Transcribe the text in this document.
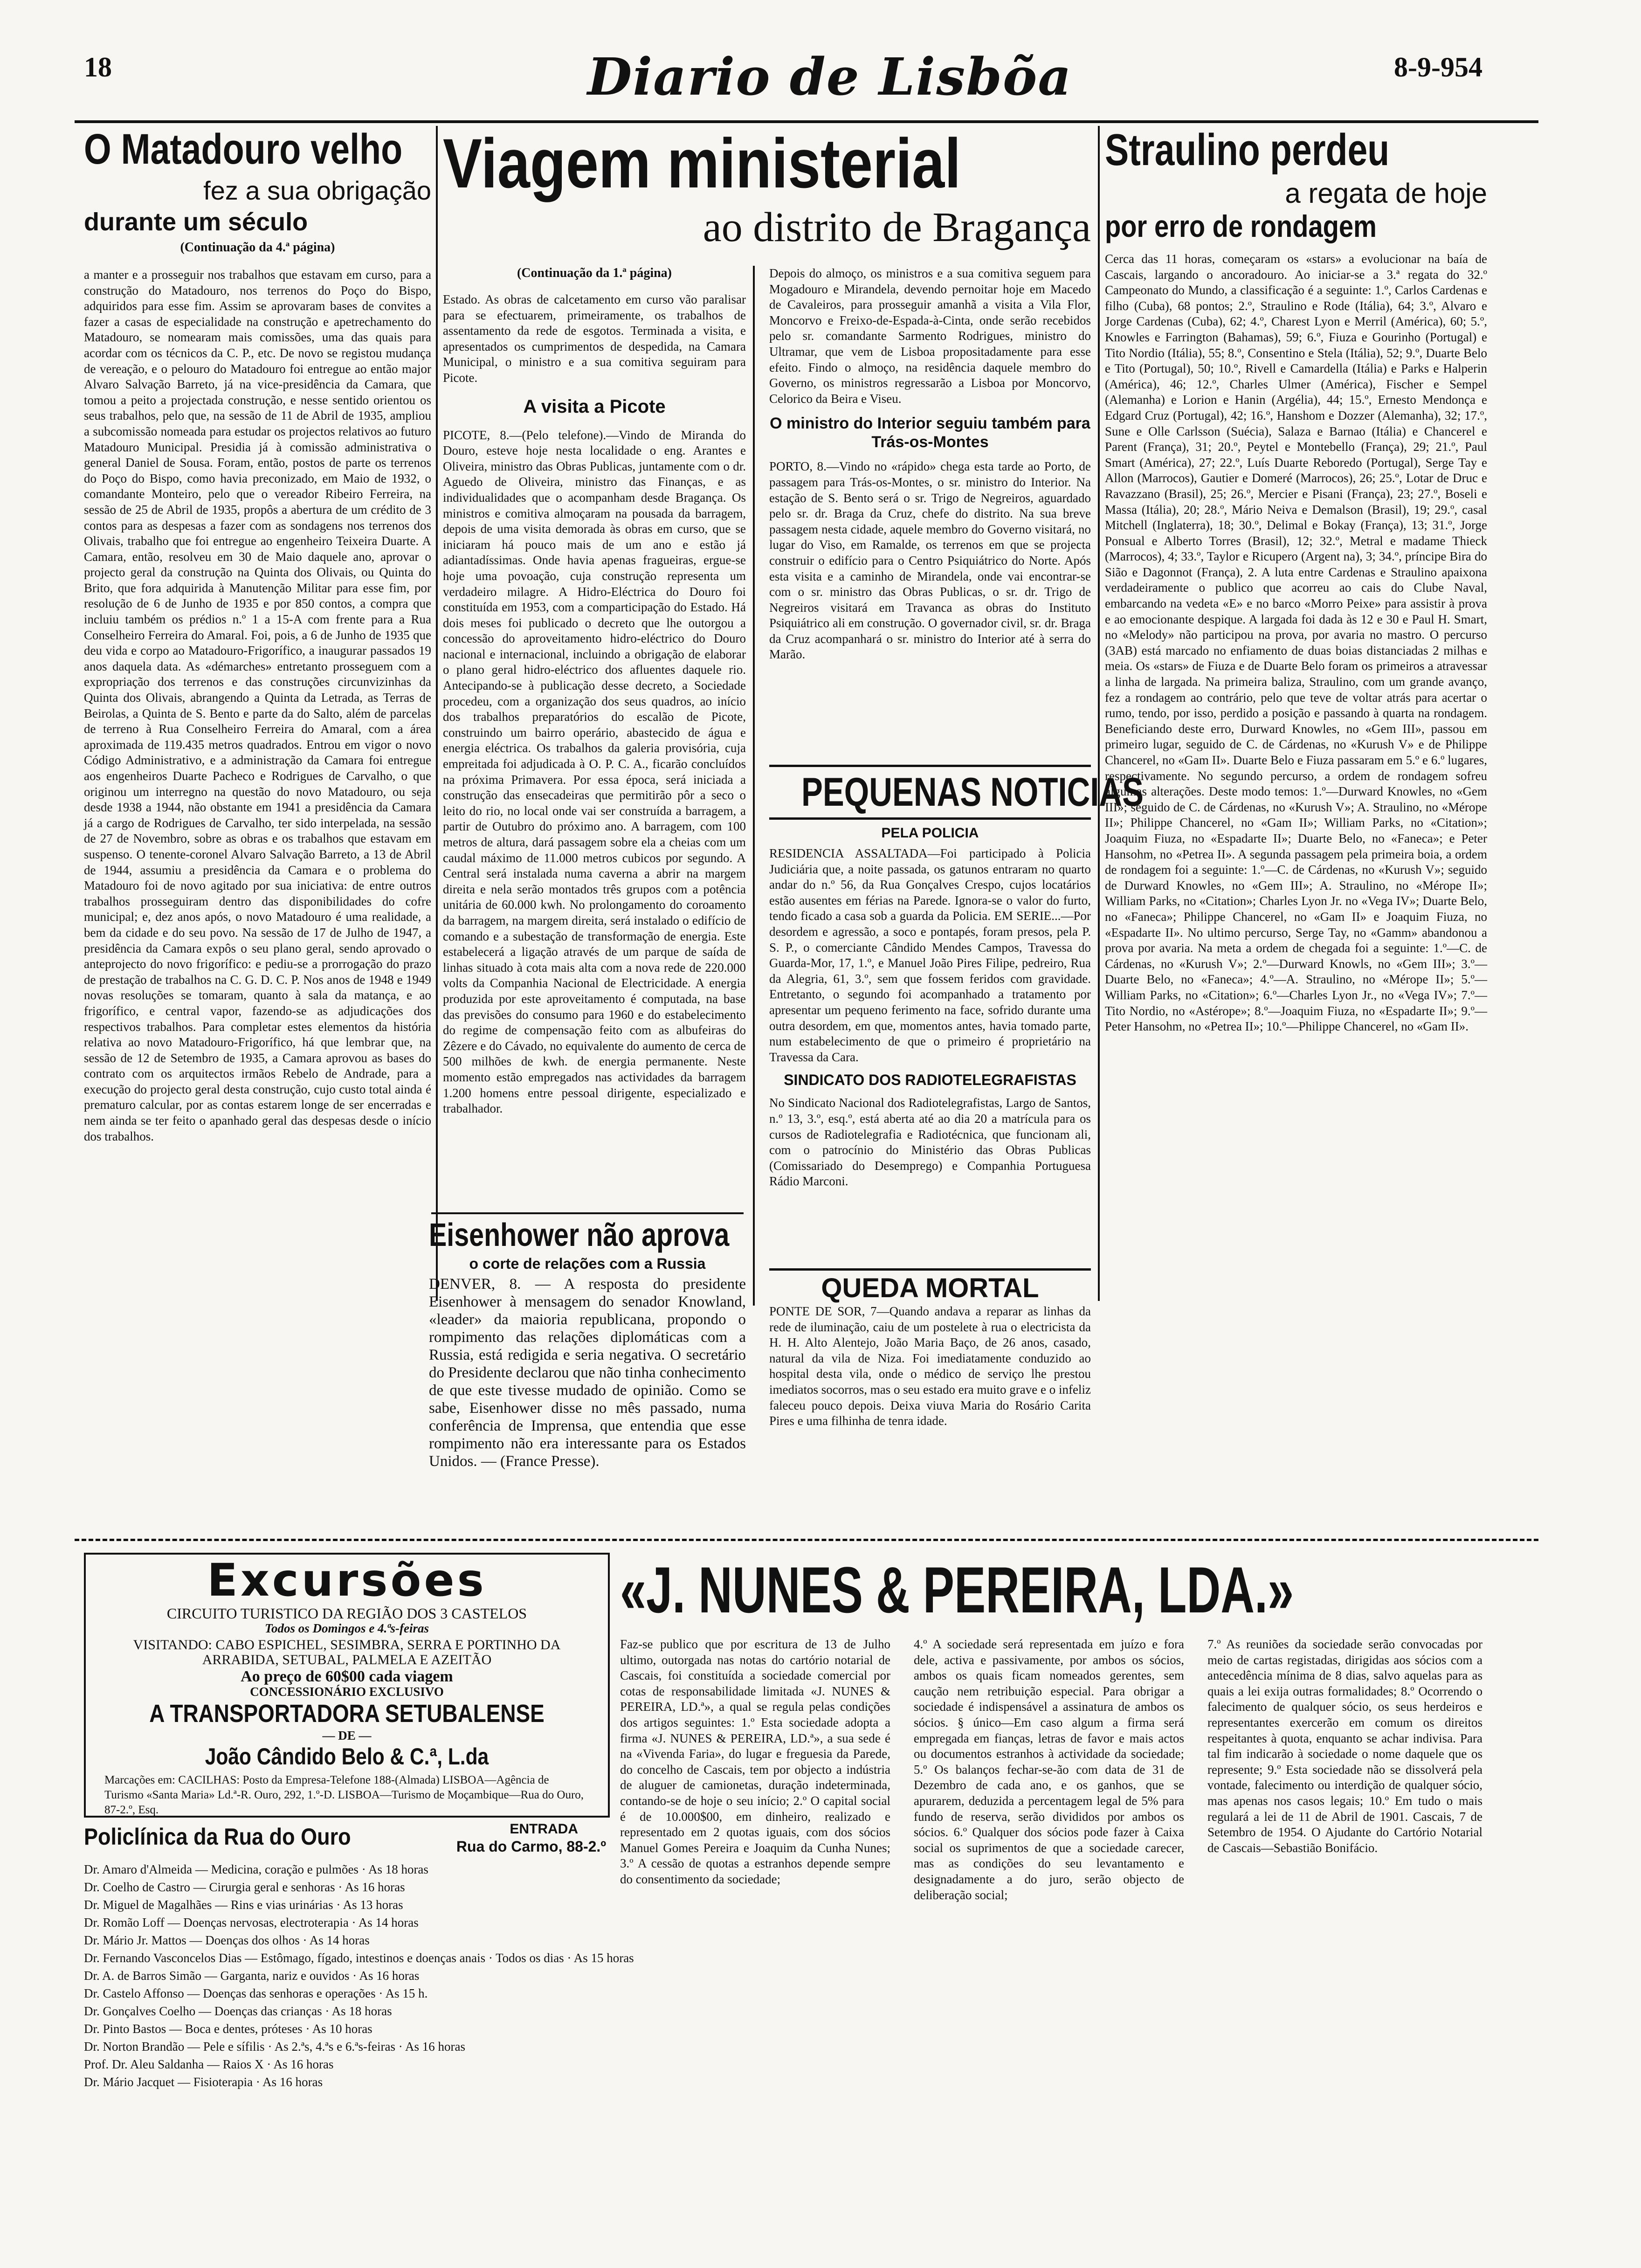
18	Diario de Lisbõa	8-9-954
O Matadouro velho
fez a sua obrigação
durante um século
(Continuação da 4.ª página)
a manter e a prosseguir nos trabalhos que estavam em curso, para a construção do Matadouro, nos terrenos do Poço do Bispo, adquiridos para esse fim. Assim se aprovaram bases de convites a fazer a casas de especialidade na construção e apetrechamento do Matadouro, se nomearam mais comissões, uma das quais para acordar com os técnicos da C. P., etc. De novo se registou mudança de vereação, e o pelouro do Matadouro foi entregue ao então major Alvaro Salvação Barreto, já na vice-presidência da Camara, que tomou a peito a projectada construção, e nesse sentido orientou os seus trabalhos, pelo que, na sessão de 11 de Abril de 1935, ampliou a subcomissão nomeada para estudar os projectos relativos ao futuro Matadouro Municipal. Presidia já à comissão administrativa o general Daniel de Sousa. Foram, então, postos de parte os terrenos do Poço do Bispo, como havia preconizado, em Maio de 1932, o comandante Monteiro, pelo que o vereador Ribeiro Ferreira, na sessão de 25 de Abril de 1935, propôs a abertura de um crédito de 3 contos para as despesas a fazer com as sondagens nos terrenos dos Olivais, trabalho que foi entregue ao engenheiro Teixeira Duarte. A Camara, então, resolveu em 30 de Maio daquele ano, aprovar o projecto geral da construção na Quinta dos Olivais, ou Quinta do Brito, que fora adquirida à Manutenção Militar para esse fim, por resolução de 6 de Junho de 1935 e por 850 contos, a compra que incluiu também os prédios n.º 1 a 15-A com frente para a Rua Conselheiro Ferreira do Amaral. Foi, pois, a 6 de Junho de 1935 que deu vida e corpo ao Matadouro-Frigorífico, a inaugurar passados 19 anos daquela data. As «démarches» entretanto prosseguem com a expropriação dos terrenos e das construções circunvizinhas da Quinta dos Olivais, abrangendo a Quinta da Letrada, as Terras de Beirolas, a Quinta de S. Bento e parte da do Salto, além de parcelas de terreno à Rua Conselheiro Ferreira do Amaral, com a área aproximada de 119.435 metros quadrados. Entrou em vigor o novo Código Administrativo, e a administração da Camara foi entregue aos engenheiros Duarte Pacheco e Rodrigues de Carvalho, o que originou um interregno na questão do novo Matadouro, ou seja desde 1938 a 1944, não obstante em 1941 a presidência da Camara já a cargo de Rodrigues de Carvalho, ter sido interpelada, na sessão de 27 de Novembro, sobre as obras e os trabalhos que estavam em suspenso. O tenente-coronel Alvaro Salvação Barreto, a 13 de Abril de 1944, assumiu a presidência da Camara e o problema do Matadouro foi de novo agitado por sua iniciativa: de entre outros trabalhos prosseguiram dentro das disponibilidades do cofre municipal; e, dez anos após, o novo Matadouro é uma realidade, a bem da cidade e do seu povo. Na sessão de 17 de Julho de 1947, a presidência da Camara expôs o seu plano geral, sendo aprovado o anteprojecto do novo frigorífico: e pediu-se a prorrogação do prazo de prestação de trabalhos na C. G. D. C. P. Nos anos de 1948 e 1949 novas resoluções se tomaram, quanto à sala da matança, e ao frigorífico, e central vapor, fazendo-se as adjudicações dos respectivos trabalhos. Para completar estes elementos da história relativa ao novo Matadouro-Frigorífico, há que lembrar que, na sessão de 12 de Setembro de 1935, a Camara aprovou as bases do contrato com os arquitectos irmãos Rebelo de Andrade, para a execução do projecto geral desta construção, cujo custo total ainda é prematuro calcular, por as contas estarem longe de ser encerradas e nem ainda se ter feito o apanhado geral das despesas desde o início dos trabalhos.
Viagem ministerial
ao distrito de Bragança
(Continuação da 1.ª página)
Estado. As obras de calcetamento em curso vão paralisar para se efectuarem, primeiramente, os trabalhos de assentamento da rede de esgotos. Terminada a visita, e apresentados os cumprimentos de despedida, na Camara Municipal, o ministro e a sua comitiva seguiram para Picote.
A visita a Picote
PICOTE, 8.—(Pelo telefone).—Vindo de Miranda do Douro, esteve hoje nesta localidade o eng. Arantes e Oliveira, ministro das Obras Publicas, juntamente com o dr. Aguedo de Oliveira, ministro das Finanças, e as individualidades que o acompanham desde Bragança. Os ministros e comitiva almoçaram na pousada da barragem, depois de uma visita demorada às obras em curso, que se iniciaram há pouco mais de um ano e estão já adiantadíssimas. Onde havia apenas fragueiras, ergue-se hoje uma povoação, cuja construção representa um verdadeiro milagre. A Hidro-Eléctrica do Douro foi constituída em 1953, com a comparticipação do Estado. Há dois meses foi publicado o decreto que lhe outorgou a concessão do aproveitamento hidro-eléctrico do Douro nacional e internacional, incluindo a obrigação de elaborar o plano geral hidro-eléctrico dos afluentes daquele rio. Antecipando-se à publicação desse decreto, a Sociedade procedeu, com a organização dos seus quadros, ao início dos trabalhos preparatórios do escalão de Picote, construindo um bairro operário, abastecido de água e energia eléctrica. Os trabalhos da galeria provisória, cuja empreitada foi adjudicada à O. P. C. A., ficarão concluídos na próxima Primavera. Por essa época, será iniciada a construção das ensecadeiras que permitirão pôr a seco o leito do rio, no local onde vai ser construída a barragem, a partir de Outubro do próximo ano. A barragem, com 100 metros de altura, dará passagem sobre ela a cheias com um caudal máximo de 11.000 metros cubicos por segundo. A Central será instalada numa caverna a abrir na margem direita e nela serão montados três grupos com a potência unitária de 60.000 kwh. No prolongamento do coroamento da barragem, na margem direita, será instalado o edifício de comando e a subestação de transformação de energia. Este estabelecerá a ligação através de um parque de saída de linhas situado à cota mais alta com a nova rede de 220.000 volts da Companhia Nacional de Electricidade. A energia produzida por este aproveitamento é computada, na base das previsões do consumo para 1960 e do estabelecimento do regime de compensação feito com as albufeiras do Zêzere e do Cávado, no equivalente do aumento de cerca de 500 milhões de kwh. de energia permanente. Neste momento estão empregados nas actividades da barragem 1.200 homens entre pessoal dirigente, especializado e trabalhador.
Depois do almoço, os ministros e a sua comitiva seguem para Mogadouro e Mirandela, devendo pernoitar hoje em Macedo de Cavaleiros, para prosseguir amanhã a visita a Vila Flor, Moncorvo e Freixo-de-Espada-à-Cinta, onde serão recebidos pelo sr. comandante Sarmento Rodrigues, ministro do Ultramar, que vem de Lisboa propositadamente para esse efeito. Findo o almoço, na residência daquele membro do Governo, os ministros regressarão a Lisboa por Moncorvo, Celorico da Beira e Viseu.
O ministro do Interior seguiu também para Trás-os-Montes
PORTO, 8.—Vindo no «rápido» chega esta tarde ao Porto, de passagem para Trás-os-Montes, o sr. ministro do Interior. Na estação de S. Bento será o sr. Trigo de Negreiros, aguardado pelo sr. dr. Braga da Cruz, chefe do distrito. Na sua breve passagem nesta cidade, aquele membro do Governo visitará, no lugar do Viso, em Ramalde, os terrenos em que se projecta construir o edifício para o Centro Psiquiátrico do Norte. Após esta visita e a caminho de Mirandela, onde vai encontrar-se com o sr. ministro das Obras Publicas, o sr. dr. Trigo de Negreiros visitará em Travanca as obras do Instituto Psiquiátrico ali em construção. O governador civil, sr. dr. Braga da Cruz acompanhará o sr. ministro do Interior até à serra do Marão.
Eisenhower não aprova
o corte de relações com a Russia
DENVER, 8. — A resposta do presidente Eisenhower à mensagem do senador Knowland, «leader» da maioria republicana, propondo o rompimento das relações diplomáticas com a Russia, está redigida e seria negativa. O secretário do Presidente declarou que não tinha conhecimento de que este tivesse mudado de opinião. Como se sabe, Eisenhower disse no mês passado, numa conferência de Imprensa, que entendia que esse rompimento não era interessante para os Estados Unidos. — (France Presse).
PEQUENAS NOTICIAS
PELA POLICIA
RESIDENCIA ASSALTADA—Foi participado à Policia Judiciária que, a noite passada, os gatunos entraram no quarto andar do n.º 56, da Rua Gonçalves Crespo, cujos locatários estão ausentes em férias na Parede. Ignora-se o valor do furto, tendo ficado a casa sob a guarda da Policia. EM SERIE...—Por desordem e agressão, a soco e pontapés, foram presos, pela P. S. P., o comerciante Cândido Mendes Campos, Travessa do Guarda-Mor, 17, 1.º, e Manuel João Pires Filipe, pedreiro, Rua da Alegria, 61, 3.º, sem que fossem feridos com gravidade. Entretanto, o segundo foi acompanhado a tratamento por apresentar um pequeno ferimento na face, sofrido durante uma outra desordem, em que, momentos antes, havia tomado parte, num estabelecimento de que o primeiro é proprietário na Travessa da Cara.
SINDICATO DOS RADIOTELEGRAFISTAS
No Sindicato Nacional dos Radiotelegrafistas, Largo de Santos, n.º 13, 3.º, esq.º, está aberta até ao dia 20 a matrícula para os cursos de Radiotelegrafia e Radiotécnica, que funcionam ali, com o patrocínio do Ministério das Obras Publicas (Comissariado do Desemprego) e Companhia Portuguesa Rádio Marconi.
QUEDA MORTAL
PONTE DE SOR, 7—Quando andava a reparar as linhas da rede de iluminação, caiu de um postelete à rua o electricista da H. H. Alto Alentejo, João Maria Baço, de 26 anos, casado, natural da vila de Niza. Foi imediatamente conduzido ao hospital desta vila, onde o médico de serviço lhe prestou imediatos socorros, mas o seu estado era muito grave e o infeliz faleceu pouco depois. Deixa viuva Maria do Rosário Carita Pires e uma filhinha de tenra idade.
Straulino perdeu
a regata de hoje
por erro de rondagem
Cerca das 11 horas, começaram os «stars» a evolucionar na baía de Cascais, largando o ancoradouro. Ao iniciar-se a 3.ª regata do 32.º Campeonato do Mundo, a classificação é a seguinte: 1.º, Carlos Cardenas e filho (Cuba), 68 pontos; 2.º, Straulino e Rode (Itália), 64; 3.º, Alvaro e Jorge Cardenas (Cuba), 62; 4.º, Charest Lyon e Merril (América), 60; 5.º, Knowles e Farrington (Bahamas), 59; 6.º, Fiuza e Gourinho (Portugal) e Tito Nordio (Itália), 55; 8.º, Consentino e Stela (Itália), 52; 9.º, Duarte Belo e Tito (Portugal), 50; 10.º, Rivell e Camardella (Itália) e Parks e Halperin (América), 46; 12.º, Charles Ulmer (América), Fischer e Sempel (Alemanha) e Lorion e Hanin (Argélia), 44; 15.º, Ernesto Mendonça e Edgard Cruz (Portugal), 42; 16.º, Hanshom e Dozzer (Alemanha), 32; 17.º, Sune e Olle Carlsson (Suécia), Salaza e Barnao (Itália) e Chancerel e Parent (França), 31; 20.º, Peytel e Montebello (França), 29; 21.º, Paul Smart (América), 27; 22.º, Luís Duarte Reboredo (Portugal), Serge Tay e Allon (Marrocos), Gautier e Domeré (Marrocos), 26; 25.º, Lotar de Druc e Ravazzano (Brasil), 25; 26.º, Mercier e Pisani (França), 23; 27.º, Boseli e Massa (Itália), 20; 28.º, Mário Neiva e Demalson (Brasil), 19; 29.º, casal Mitchell (Inglaterra), 18; 30.º, Delimal e Bokay (França), 13; 31.º, Jorge Ponsual e Alberto Torres (Brasil), 12; 32.º, Metral e madame Thieck (Marrocos), 4; 33.º, Taylor e Ricupero (Argent na), 3; 34.º, príncipe Bira do Sião e Dagonnot (França), 2. A luta entre Cardenas e Straulino apaixona verdadeiramente o publico que acorreu ao cais do Clube Naval, embarcando na vedeta «E» e no barco «Morro Peixe» para assistir à prova e ao emocionante despique. A largada foi dada às 12 e 30 e Paul H. Smart, no «Melody» não participou na prova, por avaria no mastro. O percurso (3AB) está marcado no enfiamento de duas boias distanciadas 2 milhas e meia. Os «stars» de Fiuza e de Duarte Belo foram os primeiros a atravessar a linha de largada. Na primeira baliza, Straulino, com um grande avanço, fez a rondagem ao contrário, pelo que teve de voltar atrás para acertar o rumo, tendo, por isso, perdido a posição e passando à quarta na rondagem. Beneficiando deste erro, Durward Knowles, no «Gem III», passou em primeiro lugar, seguido de C. de Cárdenas, no «Kurush V» e de Philippe Chancerel, no «Gam II». Duarte Belo e Fiuza passaram em 5.º e 6.º lugares, respectivamente. No segundo percurso, a ordem de rondagem sofreu algumas alterações. Deste modo temos: 1.º—Durward Knowles, no «Gem III»; seguido de C. de Cárdenas, no «Kurush V»; A. Straulino, no «Mérope II»; Philippe Chancerel, no «Gam II»; William Parks, no «Citation»; Joaquim Fiuza, no «Espadarte II»; Duarte Belo, no «Faneca»; e Peter Hansohm, no «Petrea II». A segunda passagem pela primeira boia, a ordem de rondagem foi a seguinte: 1.º—C. de Cárdenas, no «Kurush V»; seguido de Durward Knowles, no «Gem III»; A. Straulino, no «Mérope II»; William Parks, no «Citation»; Charles Lyon Jr. no «Vega IV»; Duarte Belo, no «Faneca»; Philippe Chancerel, no «Gam II» e Joaquim Fiuza, no «Espadarte II». No ultimo percurso, Serge Tay, no «Gamm» abandonou a prova por avaria. Na meta a ordem de chegada foi a seguinte: 1.º—C. de Cárdenas, no «Kurush V»; 2.º—Durward Knowls, no «Gem III»; 3.º—Duarte Belo, no «Faneca»; 4.º—A. Straulino, no «Mérope II»; 5.º—William Parks, no «Citation»; 6.º—Charles Lyon Jr., no «Vega IV»; 7.º—Tito Nordio, no «Astérope»; 8.º—Joaquim Fiuza, no «Espadarte II»; 9.º—Peter Hansohm, no «Petrea II»; 10.º—Philippe Chancerel, no «Gam II».
Excursões
CIRCUITO TURISTICO DA REGIÃO DOS 3 CASTELOS
Todos os Domingos e 4.ªs-feiras
VISITANDO: CABO ESPICHEL, SESIMBRA, SERRA E PORTINHO DA ARRABIDA, SETUBAL, PALMELA E AZEITÃO
Ao preço de 60$00 cada viagem
CONCESSIONÁRIO EXCLUSIVO
A TRANSPORTADORA SETUBALENSE
— DE —
João Cândido Belo & C.ª, L.da
Marcações em: CACILHAS: Posto da Empresa-Telefone 188-(Almada) LISBOA—Agência de Turismo «Santa Maria» Ld.ª-R. Ouro, 292, 1.º-D. LISBOA—Turismo de Moçambique—Rua do Ouro, 87-2.º, Esq.
Policlínica da Rua do Ouro	ENTRADA
Rua do Carmo, 88-2.º
Dr. Amaro d'Almeida — Medicina, coração e pulmões · As 18 horas
Dr. Coelho de Castro — Cirurgia geral e senhoras · As 16 horas
Dr. Miguel de Magalhães — Rins e vias urinárias · As 13 horas
Dr. Romão Loff — Doenças nervosas, electroterapia · As 14 horas
Dr. Mário Jr. Mattos — Doenças dos olhos · As 14 horas
Dr. Fernando Vasconcelos Dias — Estômago, fígado, intestinos e doenças anais · Todos os dias · As 15 horas
Dr. A. de Barros Simão — Garganta, nariz e ouvidos · As 16 horas
Dr. Castelo Affonso — Doenças das senhoras e operações · As 15 h.
Dr. Gonçalves Coelho — Doenças das crianças · As 18 horas
Dr. Pinto Bastos — Boca e dentes, próteses · As 10 horas
Dr. Norton Brandão — Pele e sífilis · As 2.ªs, 4.ªs e 6.ªs-feiras · As 16 horas
Prof. Dr. Aleu Saldanha — Raios X · As 16 horas
Dr. Mário Jacquet — Fisioterapia · As 16 horas
«J. NUNES & PEREIRA, LDA.»
Faz-se publico que por escritura de 13 de Julho ultimo, outorgada nas notas do cartório notarial de Cascais, foi constituída a sociedade comercial por cotas de responsabilidade limitada «J. NUNES & PEREIRA, LD.ª», a qual se regula pelas condições dos artigos seguintes: 1.º Esta sociedade adopta a firma «J. NUNES & PEREIRA, LD.ª», a sua sede é na «Vivenda Faria», do lugar e freguesia da Parede, do concelho de Cascais, tem por objecto a indústria de aluguer de camionetas, duração indeterminada, contando-se de hoje o seu início; 2.º O capital social é de 10.000$00, em dinheiro, realizado e representado em 2 quotas iguais, com dos sócios Manuel Gomes Pereira e Joaquim da Cunha Nunes; 3.º A cessão de quotas a estranhos depende sempre do consentimento da sociedade;
4.º A sociedade será representada em juízo e fora dele, activa e passivamente, por ambos os sócios, ambos os quais ficam nomeados gerentes, sem caução nem retribuição especial. Para obrigar a sociedade é indispensável a assinatura de ambos os sócios. § único—Em caso algum a firma será empregada em fianças, letras de favor e mais actos ou documentos estranhos à actividade da sociedade; 5.º Os balanços fechar-se-ão com data de 31 de Dezembro de cada ano, e os ganhos, que se apurarem, deduzida a percentagem legal de 5% para fundo de reserva, serão divididos por ambos os sócios. 6.º Qualquer dos sócios pode fazer à Caixa social os suprimentos de que a sociedade carecer, mas as condições do seu levantamento e designadamente a do juro, serão objecto de deliberação social;
7.º As reuniões da sociedade serão convocadas por meio de cartas registadas, dirigidas aos sócios com a antecedência mínima de 8 dias, salvo aquelas para as quais a lei exija outras formalidades; 8.º Ocorrendo o falecimento de qualquer sócio, os seus herdeiros e representantes exercerão em comum os direitos respeitantes à quota, enquanto se achar indivisa. Para tal fim indicarão à sociedade o nome daquele que os represente; 9.º Esta sociedade não se dissolverá pela vontade, falecimento ou interdição de qualquer sócio, mas apenas nos casos legais; 10.º Em tudo o mais regulará a lei de 11 de Abril de 1901. Cascais, 7 de Setembro de 1954. O Ajudante do Cartório Notarial de Cascais—Sebastião Bonifácio.
